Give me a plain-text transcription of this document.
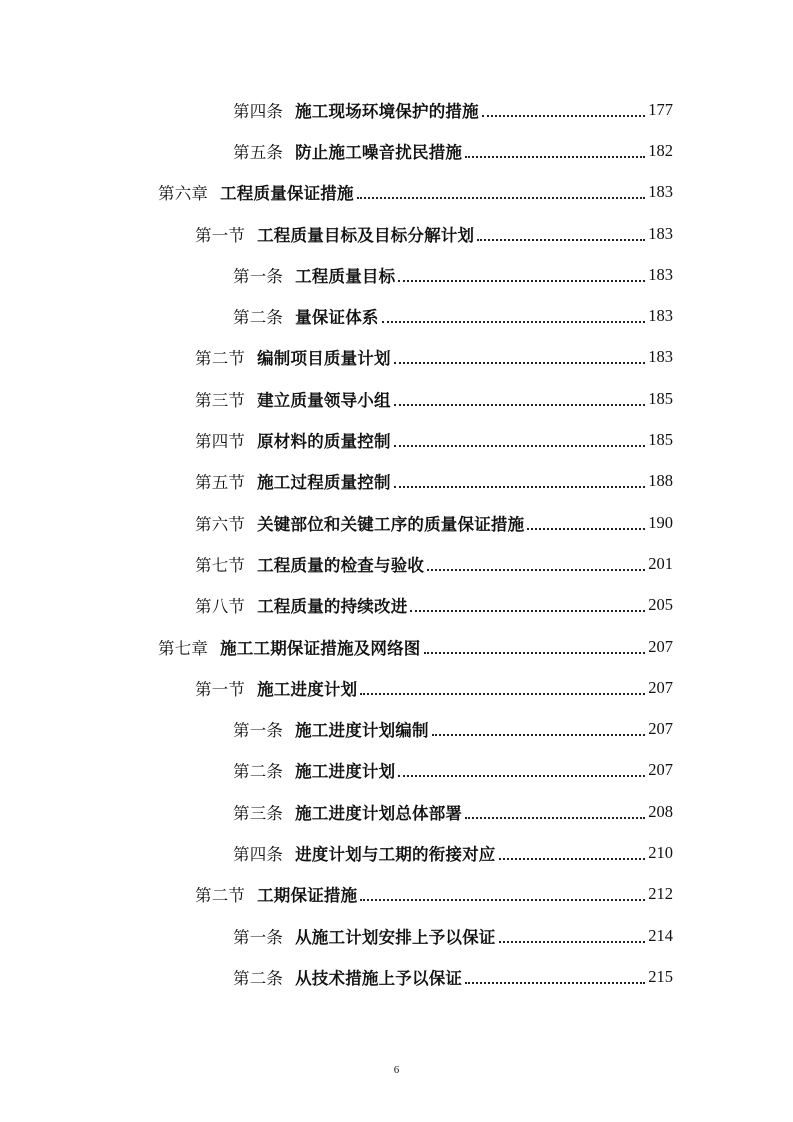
第四条 施工现场环境保护的措施	177
第五条 防止施工噪音扰民措施	182
第六章 工程质量保证措施	183
第一节 工程质量目标及目标分解计划	183
第一条 工程质量目标	183
第二条 量保证体系	183
第二节 编制项目质量计划	183
第三节 建立质量领导小组	185
第四节 原材料的质量控制	185
第五节 施工过程质量控制	188
第六节 关键部位和关键工序的质量保证措施	190
第七节 工程质量的检查与验收	201
第八节 工程质量的持续改进	205
第七章 施工工期保证措施及网络图	207
第一节 施工进度计划	207
第一条 施工进度计划编制	207
第二条 施工进度计划	207
第三条 施工进度计划总体部署	208
第四条 进度计划与工期的衔接对应	210
第二节 工期保证措施	212
第一条 从施工计划安排上予以保证	214
第二条 从技术措施上予以保证	215
6
